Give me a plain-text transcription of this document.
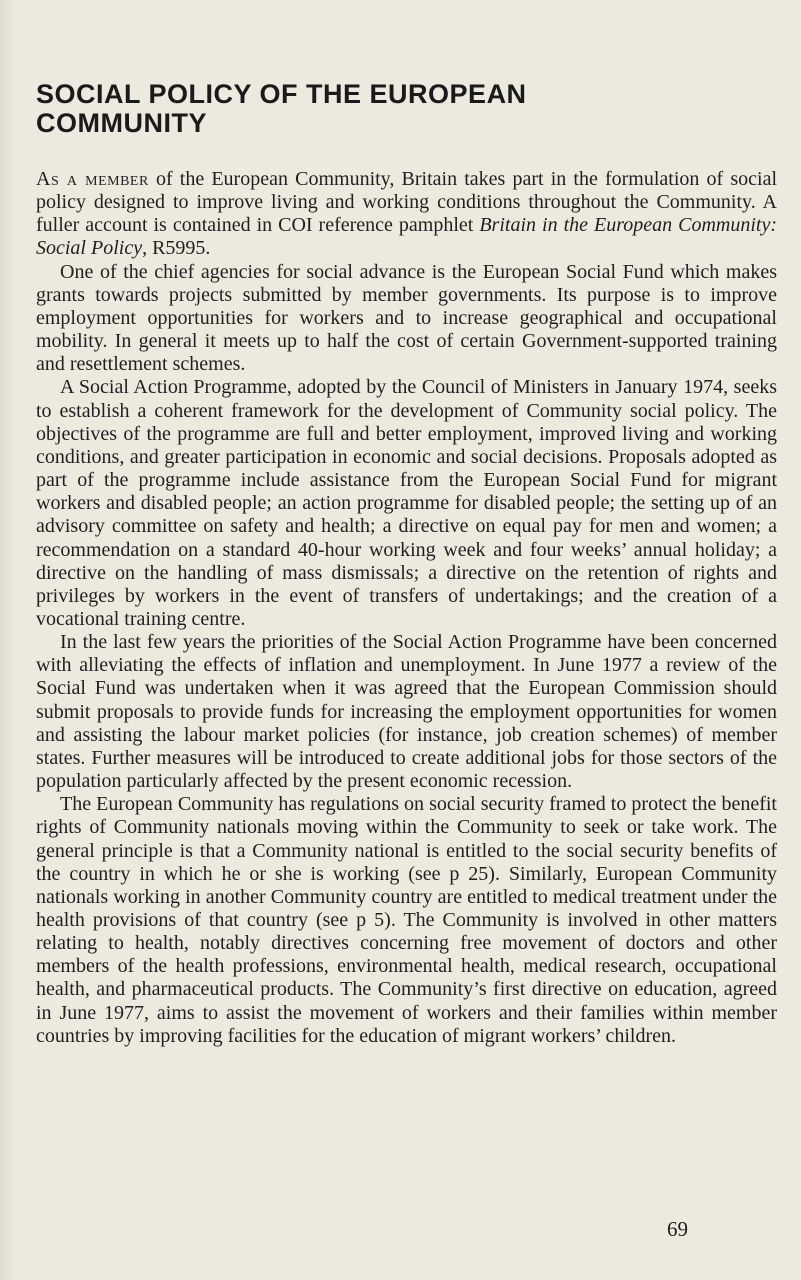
SOCIAL POLICY OF THE EUROPEAN
COMMUNITY

As a member of the European Community, Britain takes part in the formulation of social policy designed to improve living and working conditions throughout the Community. A fuller account is contained in COI reference pamphlet Britain in the European Community: Social Policy, R5995.

One of the chief agencies for social advance is the European Social Fund which makes grants towards projects submitted by member governments. Its purpose is to improve employment opportunities for workers and to increase geographical and occupational mobility. In general it meets up to half the cost of certain Government-supported training and resettlement schemes.

A Social Action Programme, adopted by the Council of Ministers in January 1974, seeks to establish a coherent framework for the development of Community social policy. The objectives of the programme are full and better employment, improved living and working conditions, and greater participation in economic and social decisions. Proposals adopted as part of the programme include assistance from the European Social Fund for migrant workers and disabled people; an action programme for disabled people; the setting up of an advisory committee on safety and health; a directive on equal pay for men and women; a recommendation on a standard 40-hour working week and four weeks’ annual holiday; a directive on the handling of mass dismissals; a directive on the retention of rights and privileges by workers in the event of transfers of undertakings; and the creation of a vocational training centre.

In the last few years the priorities of the Social Action Programme have been concerned with alleviating the effects of inflation and unemployment. In June 1977 a review of the Social Fund was undertaken when it was agreed that the European Commission should submit proposals to provide funds for increasing the employment opportunities for women and assisting the labour market policies (for instance, job creation schemes) of member states. Further measures will be introduced to create additional jobs for those sectors of the population particularly affected by the present economic recession.

The European Community has regulations on social security framed to protect the benefit rights of Community nationals moving within the Community to seek or take work. The general principle is that a Community national is entitled to the social security benefits of the country in which he or she is working (see p 25). Similarly, European Community nationals working in another Community country are entitled to medical treatment under the health provisions of that country (see p 5). The Community is involved in other matters relating to health, notably directives concerning free movement of doctors and other members of the health professions, environmental health, medical research, occupational health, and pharmaceutical products. The Community’s first directive on education, agreed in June 1977, aims to assist the movement of workers and their families within member countries by improving facilities for the education of migrant workers’ children.

69
